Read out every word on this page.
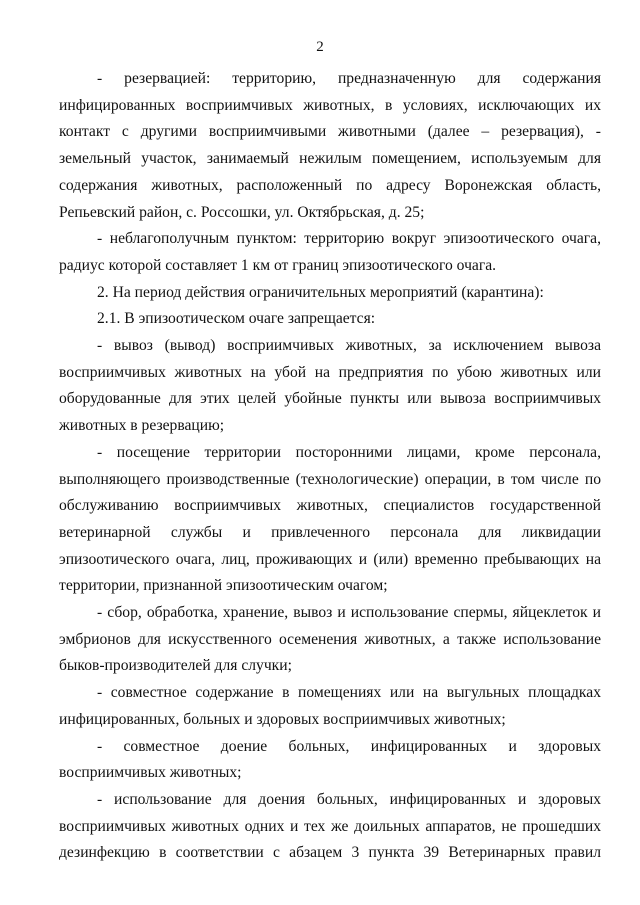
2

- резервацией: территорию, предназначенную для содержания инфицированных восприимчивых животных, в условиях, исключающих их контакт с другими восприимчивыми животными (далее – резервация), - земельный участок, занимаемый нежилым помещением, используемым для содержания животных, расположенный по адресу Воронежская область, Репьевский район, с. Россошки, ул. Октябрьская, д. 25;

- неблагополучным пунктом: территорию вокруг эпизоотического очага, радиус которой составляет 1 км от границ эпизоотического очага.

2. На период действия ограничительных мероприятий (карантина):

2.1. В эпизоотическом очаге запрещается:

- вывоз (вывод) восприимчивых животных, за исключением вывоза восприимчивых животных на убой на предприятия по убою животных или оборудованные для этих целей убойные пункты или вывоза восприимчивых животных в резервацию;

- посещение территории посторонними лицами, кроме персонала, выполняющего производственные (технологические) операции, в том числе по обслуживанию восприимчивых животных, специалистов государственной ветеринарной службы и привлеченного персонала для ликвидации эпизоотического очага, лиц, проживающих и (или) временно пребывающих на территории, признанной эпизоотическим очагом;

- сбор, обработка, хранение, вывоз и использование спермы, яйцеклеток и эмбрионов для искусственного осеменения животных, а также использование быков-производителей для случки;

- совместное содержание в помещениях или на выгульных площадках инфицированных, больных и здоровых восприимчивых животных;

- совместное доение больных, инфицированных и здоровых восприимчивых животных;

- использование для доения больных, инфицированных и здоровых восприимчивых животных одних и тех же доильных аппаратов, не прошедших дезинфекцию в соответствии с абзацем 3 пункта 39 Ветеринарных правил
